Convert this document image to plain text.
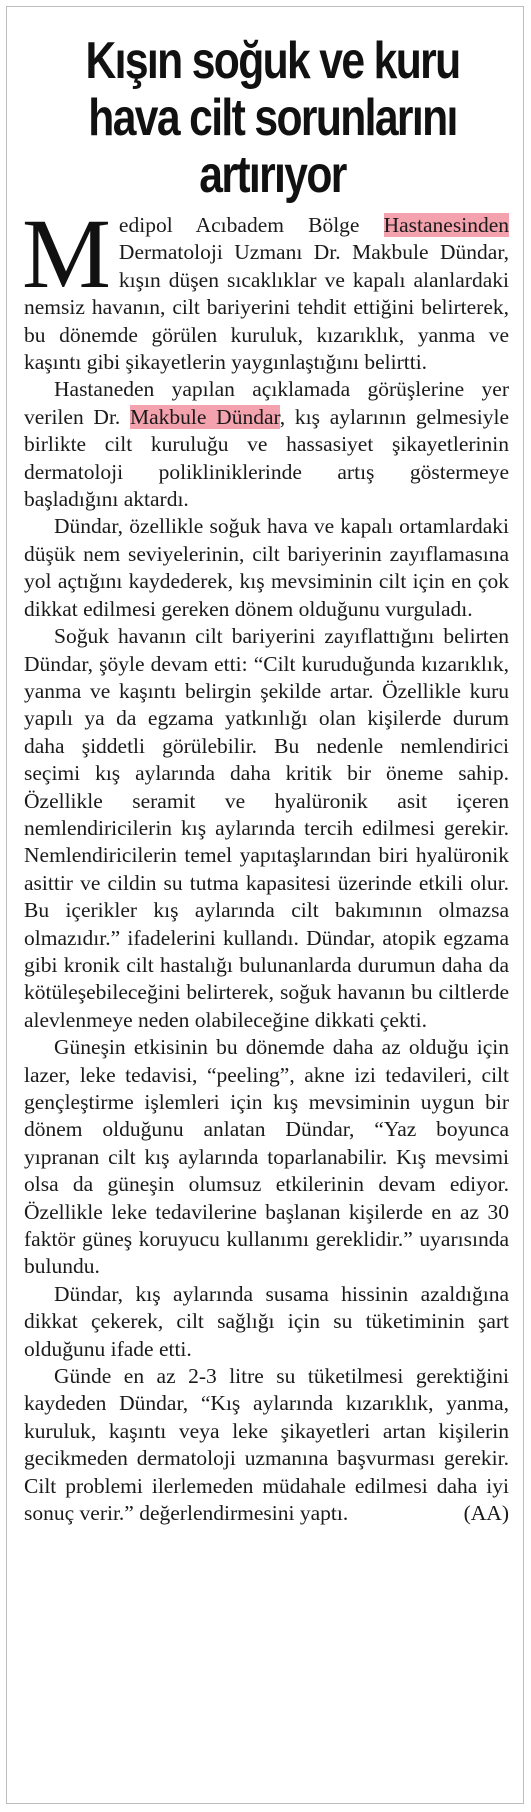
Kışın soğuk ve kuru hava cilt sorunlarını artırıyor

Medipol Acıbadem Bölge Hastanesinden Dermatoloji Uzmanı Dr. Makbule Dündar, kışın düşen sıcaklıklar ve kapalı alanlardaki nemsiz havanın, cilt bariyerini tehdit ettiğini belirterek, bu dönemde görülen kuruluk, kızarıklık, yanma ve kaşıntı gibi şikayetlerin yaygınlaştığını belirtti.

Hastaneden yapılan açıklamada görüşlerine yer verilen Dr. Makbule Dündar, kış aylarının gelmesiyle birlikte cilt kuruluğu ve hassasiyet şikayetlerinin dermatoloji polikliniklerinde artış göstermeye başladığını aktardı.

Dündar, özellikle soğuk hava ve kapalı ortamlardaki düşük nem seviyelerinin, cilt bariyerinin zayıflamasına yol açtığını kaydederek, kış mevsiminin cilt için en çok dikkat edilmesi gereken dönem olduğunu vurguladı.

Soğuk havanın cilt bariyerini zayıflattığını belirten Dündar, şöyle devam etti: “Cilt kuruduğunda kızarıklık, yanma ve kaşıntı belirgin şekilde artar. Özellikle kuru yapılı ya da egzama yatkınlığı olan kişilerde durum daha şiddetli görülebilir. Bu nedenle nemlendirici seçimi kış aylarında daha kritik bir öneme sahip. Özellikle seramit ve hyalüronik asit içeren nemlendiricilerin kış aylarında tercih edilmesi gerekir. Nemlendiricilerin temel yapıtaşlarından biri hyalüronik asittir ve cildin su tutma kapasitesi üzerinde etkili olur. Bu içerikler kış aylarında cilt bakımının olmazsa olmazıdır.” ifadelerini kullandı. Dündar, atopik egzama gibi kronik cilt hastalığı bulunanlarda durumun daha da kötüleşebileceğini belirterek, soğuk havanın bu ciltlerde alevlenmeye neden olabileceğine dikkati çekti.

Güneşin etkisinin bu dönemde daha az olduğu için lazer, leke tedavisi, “peeling”, akne izi tedavileri, cilt gençleştirme işlemleri için kış mevsiminin uygun bir dönem olduğunu anlatan Dündar, “Yaz boyunca yıpranan cilt kış aylarında toparlanabilir. Kış mevsimi olsa da güneşin olumsuz etkilerinin devam ediyor. Özellikle leke tedavilerine başlanan kişilerde en az 30 faktör güneş koruyucu kullanımı gereklidir.” uyarısında bulundu.

Dündar, kış aylarında susama hissinin azaldığına dikkat çekerek, cilt sağlığı için su tüketiminin şart olduğunu ifade etti.

Günde en az 2-3 litre su tüketilmesi gerektiğini kaydeden Dündar, “Kış aylarında kızarıklık, yanma, kuruluk, kaşıntı veya leke şikayetleri artan kişilerin gecikmeden dermatoloji uzmanına başvurması gerekir. Cilt problemi ilerlemeden müdahale edilmesi daha iyi sonuç verir.” değerlendirmesini yaptı.	(AA)
